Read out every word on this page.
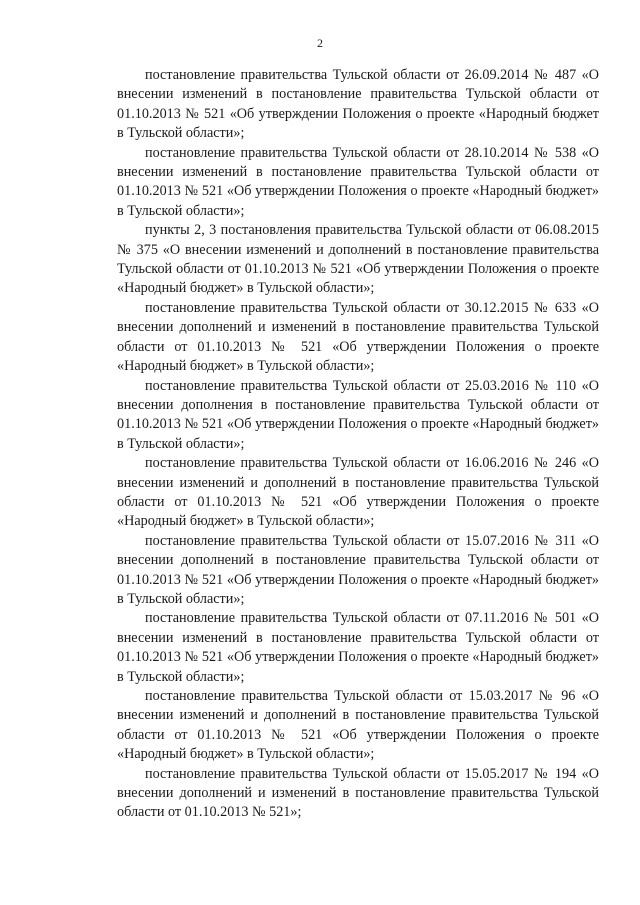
2

постановление правительства Тульской области от 26.09.2014 № 487 «О внесении изменений в постановление правительства Тульской области от 01.10.2013 № 521 «Об утверждении Положения о проекте «Народный бюджет в Тульской области»;

постановление правительства Тульской области от 28.10.2014 № 538 «О внесении изменений в постановление правительства Тульской области от 01.10.2013 № 521 «Об утверждении Положения о проекте «Народный бюджет» в Тульской области»;

пункты 2, 3 постановления правительства Тульской области от 06.08.2015 № 375 «О внесении изменений и дополнений в постановление правительства Тульской области от 01.10.2013 № 521 «Об утверждении Положения о проекте «Народный бюджет» в Тульской области»;

постановление правительства Тульской области от 30.12.2015 № 633 «О внесении дополнений и изменений в постановление правительства Тульской области от 01.10.2013 № 521 «Об утверждении Положения о проекте «Народный бюджет» в Тульской области»;

постановление правительства Тульской области от 25.03.2016 № 110 «О внесении дополнения в постановление правительства Тульской области от 01.10.2013 № 521 «Об утверждении Положения о проекте «Народный бюджет» в Тульской области»;

постановление правительства Тульской области от 16.06.2016 № 246 «О внесении изменений и дополнений в постановление правительства Тульской области от 01.10.2013 № 521 «Об утверждении Положения о проекте «Народный бюджет» в Тульской области»;

постановление правительства Тульской области от 15.07.2016 № 311 «О внесении дополнений в постановление правительства Тульской области от 01.10.2013 № 521 «Об утверждении Положения о проекте «Народный бюджет» в Тульской области»;

постановление правительства Тульской области от 07.11.2016 № 501 «О внесении изменений в постановление правительства Тульской области от 01.10.2013 № 521 «Об утверждении Положения о проекте «Народный бюджет» в Тульской области»;

постановление правительства Тульской области от 15.03.2017 № 96 «О внесении изменений и дополнений в постановление правительства Тульской области от 01.10.2013 № 521 «Об утверждении Положения о проекте «Народный бюджет» в Тульской области»;

постановление правительства Тульской области от 15.05.2017 № 194 «О внесении дополнений и изменений в постановление правительства Тульской области от 01.10.2013 № 521»;
